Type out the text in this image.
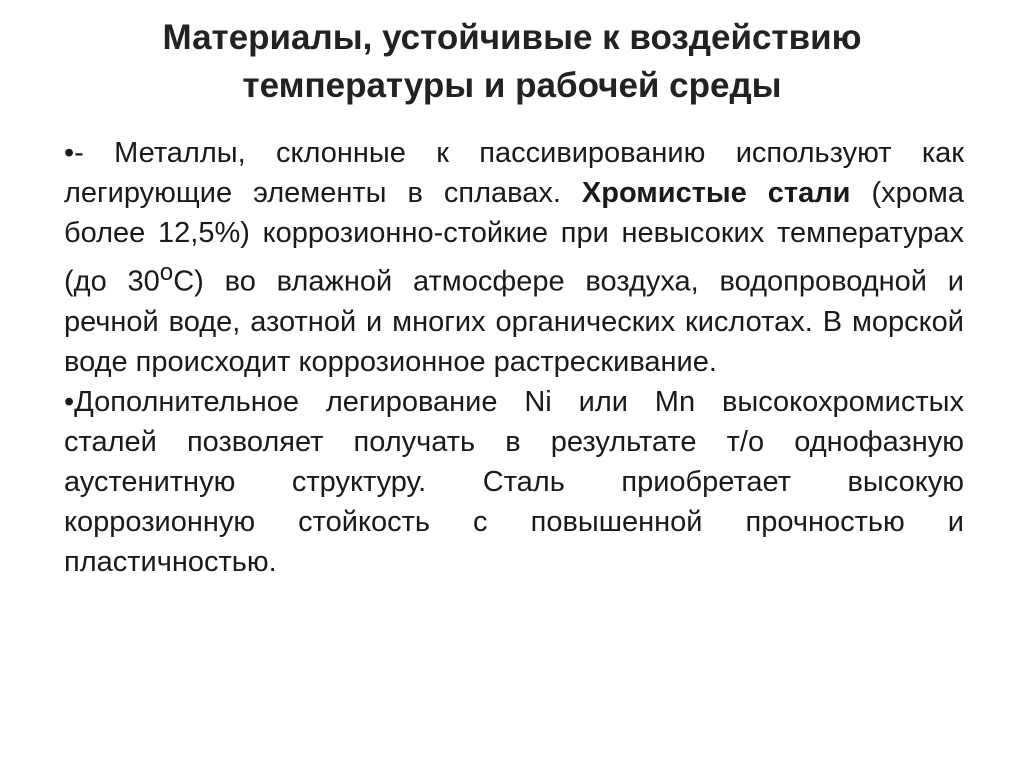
Материалы, устойчивые к воздействию
температуры и рабочей среды

•- Металлы, склонные к пассивированию используют как легирующие элементы в сплавах. Хромистые стали (хрома более 12,5%) коррозионно-стойкие при невысоких температурах (до $30^оС$) во влажной атмосфере воздуха, водопроводной и речной воде, азотной и многих органических кислотах. В морской воде происходит коррозионное растрескивание.

•Дополнительное легирование Ni или Mn высокохромистых сталей позволяет получать в результате т/о однофазную аустенитную структуру. Сталь приобретает высокую коррозионную стойкость с повышенной прочностью и пластичностью.
